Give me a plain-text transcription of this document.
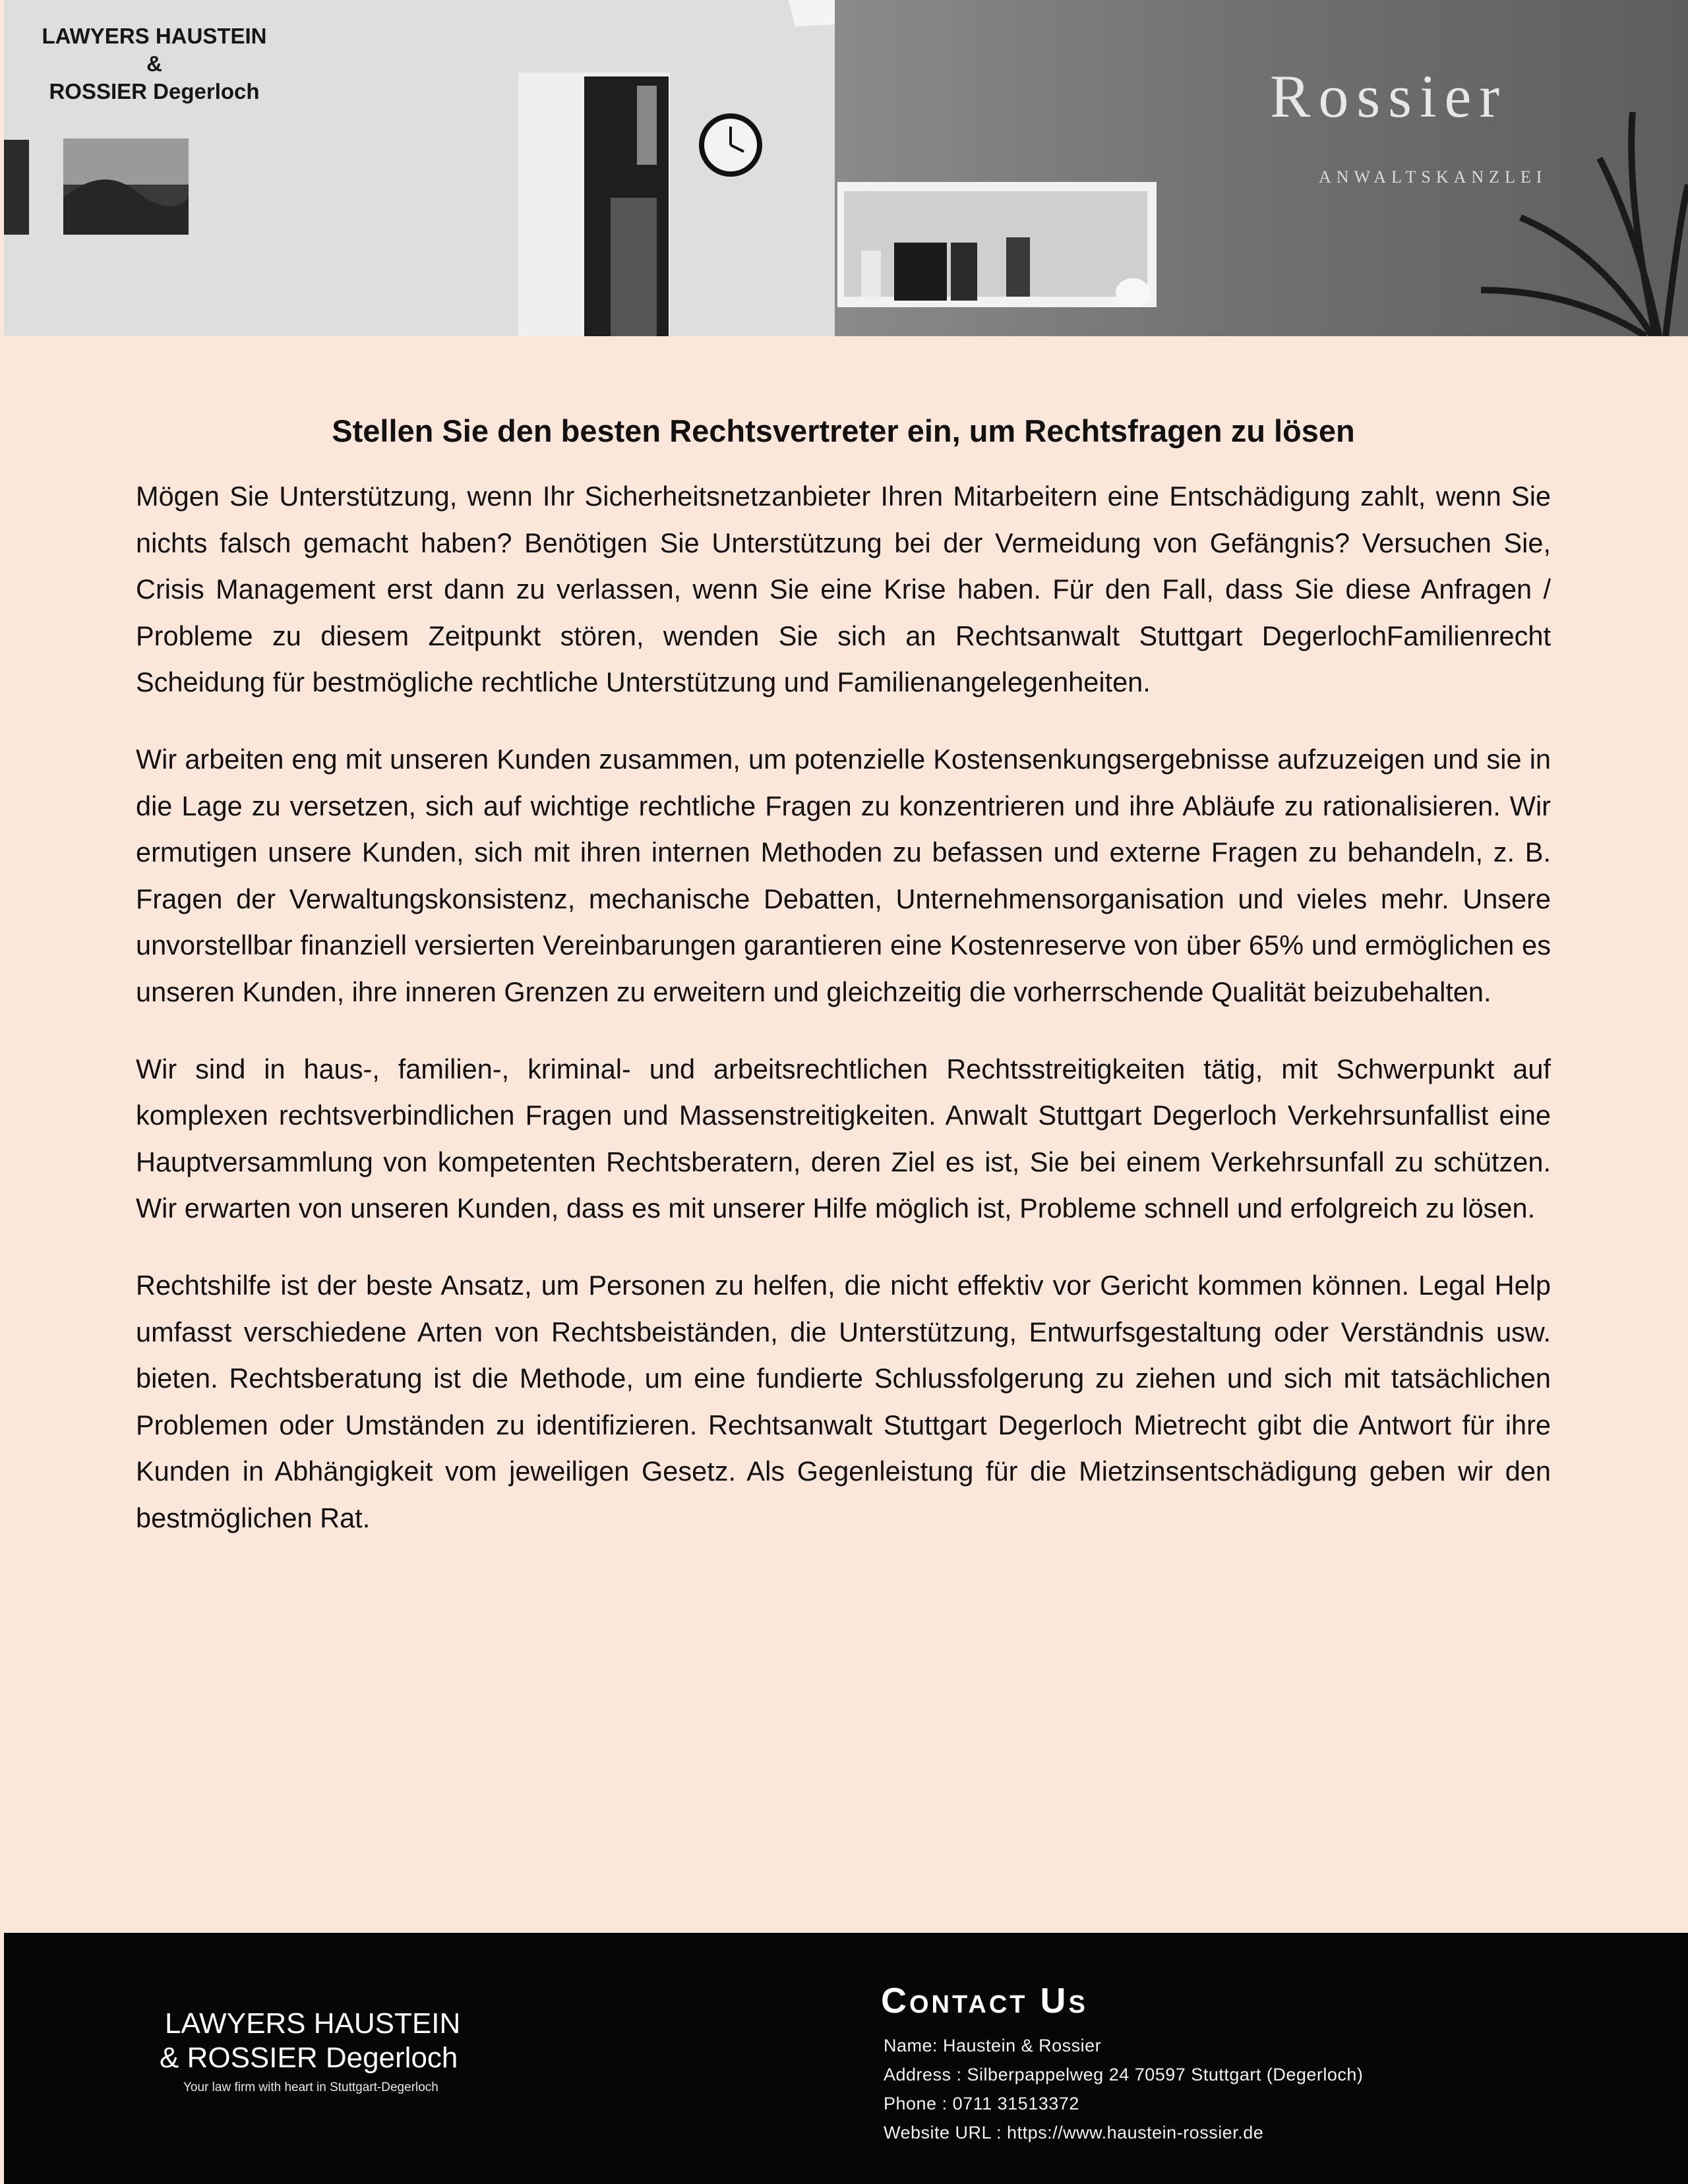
LAWYERS HAUSTEIN
&
ROSSIER Degerloch	Rossier
ANWALTSKANZLEI
Stellen Sie den besten Rechtsvertreter ein, um Rechtsfragen zu lösen

Mögen Sie Unterstützung, wenn Ihr Sicherheitsnetzanbieter Ihren Mitarbeitern eine Entschädigung zahlt, wenn Sie nichts falsch gemacht haben? Benötigen Sie Unterstützung bei der Vermeidung von Gefängnis? Versuchen Sie, Crisis Management erst dann zu verlassen, wenn Sie eine Krise haben. Für den Fall, dass Sie diese Anfragen / Probleme zu diesem Zeitpunkt stören, wenden Sie sich an Rechtsanwalt Stuttgart DegerlochFamilienrecht Scheidung für bestmögliche rechtliche Unterstützung und Familienangelegenheiten.

Wir arbeiten eng mit unseren Kunden zusammen, um potenzielle Kostensenkungsergebnisse aufzuzeigen und sie in die Lage zu versetzen, sich auf wichtige rechtliche Fragen zu konzentrieren und ihre Abläufe zu rationalisieren. Wir ermutigen unsere Kunden, sich mit ihren internen Methoden zu befassen und externe Fragen zu behandeln, z. B. Fragen der Verwaltungskonsistenz, mechanische Debatten, Unternehmensorganisation und vieles mehr. Unsere unvorstellbar finanziell versierten Vereinbarungen garantieren eine Kostenreserve von über 65% und ermöglichen es unseren Kunden, ihre inneren Grenzen zu erweitern und gleichzeitig die vorherrschende Qualität beizubehalten.

Wir sind in haus-, familien-, kriminal- und arbeitsrechtlichen Rechtsstreitigkeiten tätig, mit Schwerpunkt auf komplexen rechtsverbindlichen Fragen und Massenstreitigkeiten. Anwalt Stuttgart Degerloch Verkehrsunfallist eine Hauptversammlung von kompetenten Rechtsberatern, deren Ziel es ist, Sie bei einem Verkehrsunfall zu schützen. Wir erwarten von unseren Kunden, dass es mit unserer Hilfe möglich ist, Probleme schnell und erfolgreich zu lösen.

Rechtshilfe ist der beste Ansatz, um Personen zu helfen, die nicht effektiv vor Gericht kommen können. Legal Help umfasst verschiedene Arten von Rechtsbeiständen, die Unterstützung, Entwurfsgestaltung oder Verständnis usw. bieten. Rechtsberatung ist die Methode, um eine fundierte Schlussfolgerung zu ziehen und sich mit tatsächlichen Problemen oder Umständen zu identifizieren. Rechtsanwalt Stuttgart Degerloch Mietrecht gibt die Antwort für ihre Kunden in Abhängigkeit vom jeweiligen Gesetz. Als Gegenleistung für die Mietzinsentschädigung geben wir den bestmöglichen Rat.

LAWYERS HAUSTEIN
& ROSSIER Degerloch
Your law firm with heart in Stuttgart-Degerloch
Contact Us
Name: Haustein & Rossier
Address : Silberpappelweg 24 70597 Stuttgart (Degerloch)
Phone : 0711 31513372
Website URL : https://www.haustein-rossier.de
